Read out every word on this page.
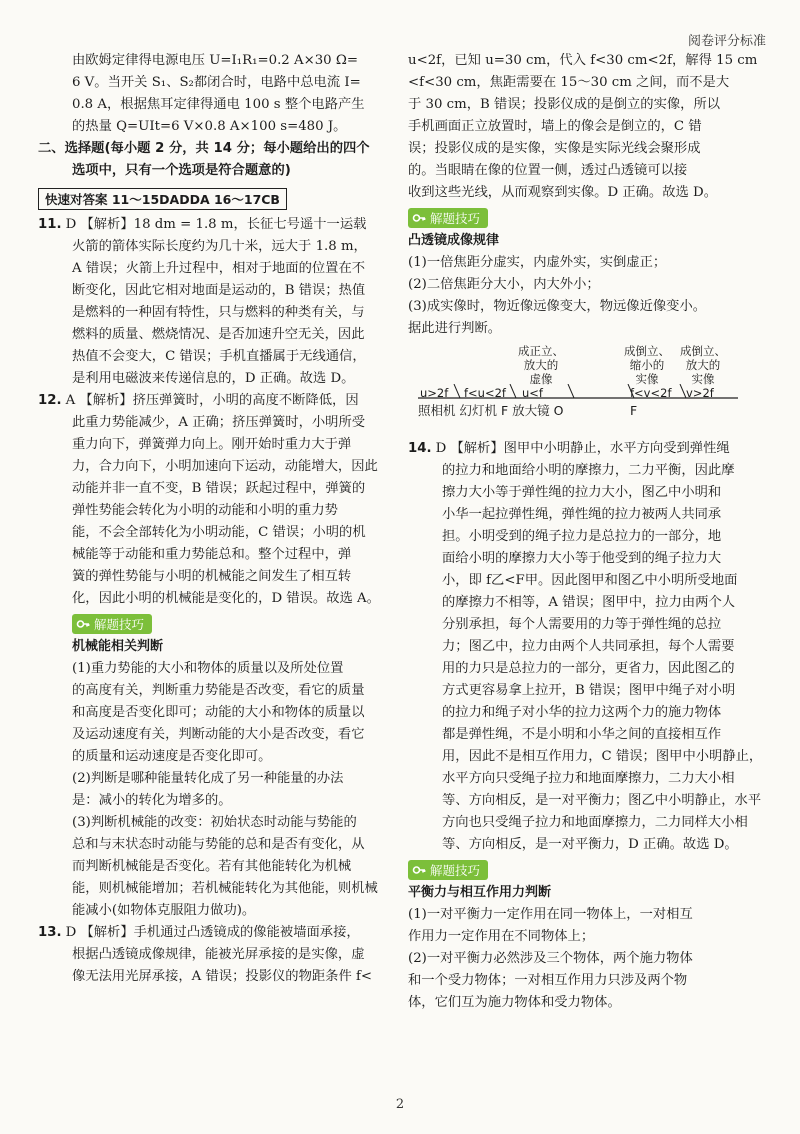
阅卷评分标准

由欧姆定律得电源电压 U=I₁R₁=0.2 A×30 Ω=

6 V。当开关 S₁、S₂都闭合时，电路中总电流 I=

0.8 A，根据焦耳定律得通电 100 s 整个电路产生

的热量 Q=UIt=6 V×0.8 A×100 s=480 J。

二、选择题(每小题 2 分，共 14 分；每小题给出的四个

选项中，只有一个选项是符合题意的)

快速对答案 11～15DADDA 16～17CB

11. D 【解析】18 dm = 1.8 m，长征七号遥十一运载

火箭的箭体实际长度约为几十米，远大于 1.8 m，

A 错误；火箭上升过程中，相对于地面的位置在不

断变化，因此它相对地面是运动的，B 错误；热值

是燃料的一种固有特性，只与燃料的种类有关，与

燃料的质量、燃烧情况、是否加速升空无关，因此

热值不会变大，C 错误；手机直播属于无线通信，

是利用电磁波来传递信息的，D 正确。故选 D。

12. A 【解析】挤压弹簧时，小明的高度不断降低，因

此重力势能减少，A 正确；挤压弹簧时，小明所受

重力向下，弹簧弹力向上。刚开始时重力大于弹

力，合力向下，小明加速向下运动，动能增大，因此

动能并非一直不变，B 错误；跃起过程中，弹簧的

弹性势能会转化为小明的动能和小明的重力势

能，不会全部转化为小明动能，C 错误；小明的机

械能等于动能和重力势能总和。整个过程中，弹

簧的弹性势能与小明的机械能之间发生了相互转

化，因此小明的机械能是变化的，D 错误。故选 A。

解题技巧

机械能相关判断

(1)重力势能的大小和物体的质量以及所处位置

的高度有关，判断重力势能是否改变，看它的质量

和高度是否变化即可；动能的大小和物体的质量以

及运动速度有关，判断动能的大小是否改变，看它

的质量和运动速度是否变化即可。

(2)判断是哪种能量转化成了另一种能量的办法

是：减小的转化为增多的。

(3)判断机械能的改变：初始状态时动能与势能的

总和与末状态时动能与势能的总和是否有变化，从

而判断机械能是否变化。若有其他能转化为机械

能，则机械能增加；若机械能转化为其他能，则机械

能减小(如物体克服阻力做功)。

13. D 【解析】手机通过凸透镜成的像能被墙面承接，

根据凸透镜成像规律，能被光屏承接的是实像，虚

像无法用光屏承接，A 错误；投影仪的物距条件 f<

u<2f，已知 u=30 cm，代入 f<30 cm<2f，解得 15 cm

<f<30 cm，焦距需要在 15～30 cm 之间，而不是大

于 30 cm，B 错误；投影仪成的是倒立的实像，所以

手机画面正立放置时，墙上的像会是倒立的，C 错

误；投影仪成的是实像，实像是实际光线会聚形成

的。当眼睛在像的位置一侧，透过凸透镜可以接

收到这些光线，从而观察到实像。D 正确。故选 D。

解题技巧

凸透镜成像规律

(1)一倍焦距分虚实，内虚外实，实倒虚正；

(2)二倍焦距分大小，内大外小；

(3)成实像时，物近像远像变大，物远像近像变小。

据此进行判断。

成正立、
放大的
虚像
成倒立、
缩小的
实像
成倒立、
放大的
实像
u>2f f<u<2f u<f	f<v<2f v>2f
照相机 幻灯机 F 放大镜 O	F

14. D 【解析】图甲中小明静止，水平方向受到弹性绳

的拉力和地面给小明的摩擦力，二力平衡，因此摩

擦力大小等于弹性绳的拉力大小，图乙中小明和

小华一起拉弹性绳，弹性绳的拉力被两人共同承

担。小明受到的绳子拉力是总拉力的一部分，地

面给小明的摩擦力大小等于他受到的绳子拉力大

小，即 f乙<F甲。因此图甲和图乙中小明所受地面

的摩擦力不相等，A 错误；图甲中，拉力由两个人

分别承担，每个人需要用的力等于弹性绳的总拉

力；图乙中，拉力由两个人共同承担，每个人需要

用的力只是总拉力的一部分，更省力，因此图乙的

方式更容易拿上拉开，B 错误；图甲中绳子对小明

的拉力和绳子对小华的拉力这两个力的施力物体

都是弹性绳，不是小明和小华之间的直接相互作

用，因此不是相互作用力，C 错误；图甲中小明静止，

水平方向只受绳子拉力和地面摩擦力，二力大小相

等、方向相反，是一对平衡力；图乙中小明静止，水平

方向也只受绳子拉力和地面摩擦力，二力同样大小相

等、方向相反，是一对平衡力，D 正确。故选 D。

解题技巧

平衡力与相互作用力判断

(1)一对平衡力一定作用在同一物体上，一对相互

作用力一定作用在不同物体上；

(2)一对平衡力必然涉及三个物体，两个施力物体

和一个受力物体；一对相互作用力只涉及两个物

体，它们互为施力物体和受力物体。

2
